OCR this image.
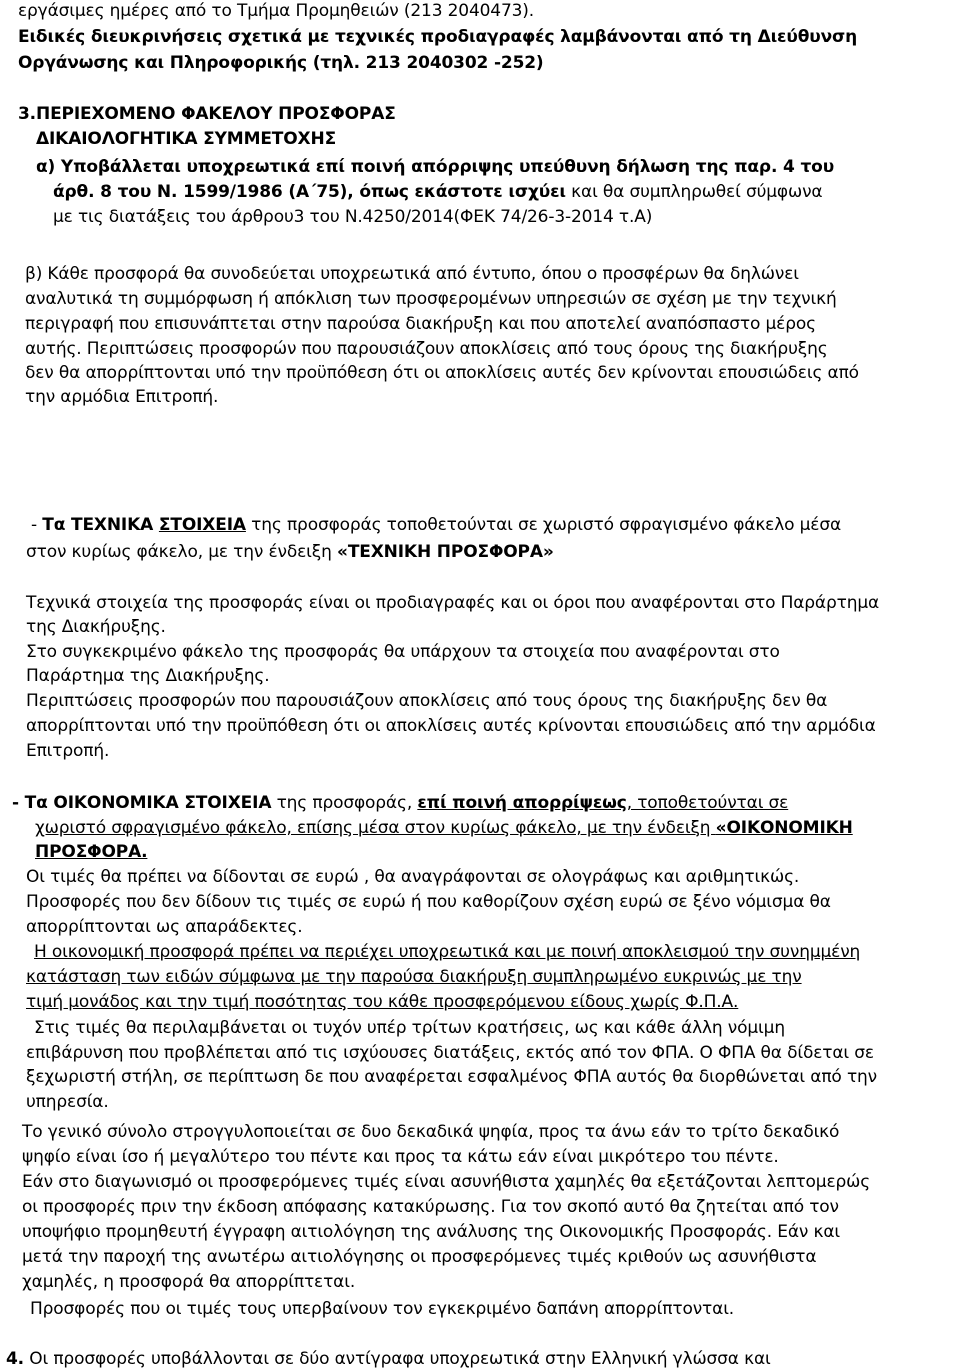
εργάσιμες ημέρες από το Τμήμα Προμηθειών (213 2040473).
Ειδικές διευκρινήσεις σχετικά με τεχνικές προδιαγραφές λαμβάνονται από τη Διεύθυνση
Οργάνωσης και Πληροφορικής (τηλ. 213 2040302 -252)
3.ΠΕΡΙΕΧΟΜΕΝΟ ΦΑΚΕΛΟΥ ΠΡΟΣΦΟΡΑΣ
ΔΙΚΑΙΟΛΟΓΗΤΙΚΑ ΣΥΜΜΕΤΟΧΗΣ
α) Υποβάλλεται υποχρεωτικά επί ποινή απόρριψης υπεύθυνη δήλωση της παρ. 4 του
άρθ. 8 του Ν. 1599/1986 (Α΄75), όπως εκάστοτε ισχύει και θα συμπληρωθεί σύμφωνα
με τις διατάξεις του άρθρου3 του Ν.4250/2014(ΦΕΚ 74/26-3-2014 τ.Α)
β) Κάθε προσφορά θα συνοδεύεται υποχρεωτικά από έντυπο, όπου ο προσφέρων θα δηλώνει
αναλυτικά τη συμμόρφωση ή απόκλιση των προσφερομένων υπηρεσιών σε σχέση με την τεχνική
περιγραφή που επισυνάπτεται στην παρούσα διακήρυξη και που αποτελεί αναπόσπαστο μέρος
αυτής. Περιπτώσεις προσφορών που παρουσιάζουν αποκλίσεις από τους όρους της διακήρυξης
δεν θα απορρίπτονται υπό την προϋπόθεση ότι οι αποκλίσεις αυτές δεν κρίνονται επουσιώδεις από
την αρμόδια Επιτροπή.
- Τα ΤΕΧΝΙΚΑ ΣΤΟΙΧΕΙΑ της προσφοράς τοποθετούνται σε χωριστό σφραγισμένο φάκελο μέσα
στον κυρίως φάκελο, με την ένδειξη «ΤΕΧΝΙΚΗ ΠΡΟΣΦΟΡΑ»
Τεχνικά στοιχεία της προσφοράς είναι οι προδιαγραφές και οι όροι που αναφέρονται στο Παράρτημα
της Διακήρυξης.
Στο συγκεκριμένο φάκελο της προσφοράς θα υπάρχουν τα στοιχεία που αναφέρονται στο
Παράρτημα της Διακήρυξης.
Περιπτώσεις προσφορών που παρουσιάζουν αποκλίσεις από τους όρους της διακήρυξης δεν θα
απορρίπτονται υπό την προϋπόθεση ότι οι αποκλίσεις αυτές κρίνονται επουσιώδεις από την αρμόδια
Επιτροπή.
- Τα ΟΙΚΟΝΟΜΙΚΑ ΣΤΟΙΧΕΙΑ της προσφοράς, επί ποινή απορρίψεως, τοποθετούνται σε
χωριστό σφραγισμένο φάκελο, επίσης μέσα στον κυρίως φάκελο, με την ένδειξη «ΟΙΚΟΝΟΜΙΚΗ
ΠΡΟΣΦΟΡΑ.
Οι τιμές θα πρέπει να δίδονται σε ευρώ , θα αναγράφονται σε ολογράφως και αριθμητικώς.
Προσφορές που δεν δίδουν τις τιμές σε ευρώ ή που καθορίζουν σχέση ευρώ σε ξένο νόμισμα θα
απορρίπτονται ως απαράδεκτες.
Η οικονομική προσφορά πρέπει να περιέχει υποχρεωτικά και με ποινή αποκλεισμού την συνημμένη
κατάσταση των ειδών σύμφωνα με την παρούσα διακήρυξη συμπληρωμένο ευκρινώς με την
τιμή μονάδος και την τιμή ποσότητας του κάθε προσφερόμενου είδους χωρίς Φ.Π.Α.
Στις τιμές θα περιλαμβάνεται οι τυχόν υπέρ τρίτων κρατήσεις, ως και κάθε άλλη νόμιμη
επιβάρυνση που προβλέπεται από τις ισχύουσες διατάξεις, εκτός από τον ΦΠΑ. Ο ΦΠΑ θα δίδεται σε
ξεχωριστή στήλη, σε περίπτωση δε που αναφέρεται εσφαλμένος ΦΠΑ αυτός θα διορθώνεται από την
υπηρεσία.
Το γενικό σύνολο στρογγυλοποιείται σε δυο δεκαδικά ψηφία, προς τα άνω εάν το τρίτο δεκαδικό
ψηφίο είναι ίσο ή μεγαλύτερο του πέντε και προς τα κάτω εάν είναι μικρότερο του πέντε.
Εάν στο διαγωνισμό οι προσφερόμενες τιμές είναι ασυνήθιστα χαμηλές θα εξετάζονται λεπτομερώς
οι προσφορές πριν την έκδοση απόφασης κατακύρωσης. Για τον σκοπό αυτό θα ζητείται από τον
υποψήφιο προμηθευτή έγγραφη αιτιολόγηση της ανάλυσης της Οικονομικής Προσφοράς. Εάν και
μετά την παροχή της ανωτέρω αιτιολόγησης οι προσφερόμενες τιμές κριθούν ως ασυνήθιστα
χαμηλές, η προσφορά θα απορρίπτεται.
Προσφορές που οι τιμές τους υπερβαίνουν τον εγκεκριμένο δαπάνη απορρίπτονται.
4. Οι προσφορές υποβάλλονται σε δύο αντίγραφα υποχρεωτικά στην Ελληνική γλώσσα και
